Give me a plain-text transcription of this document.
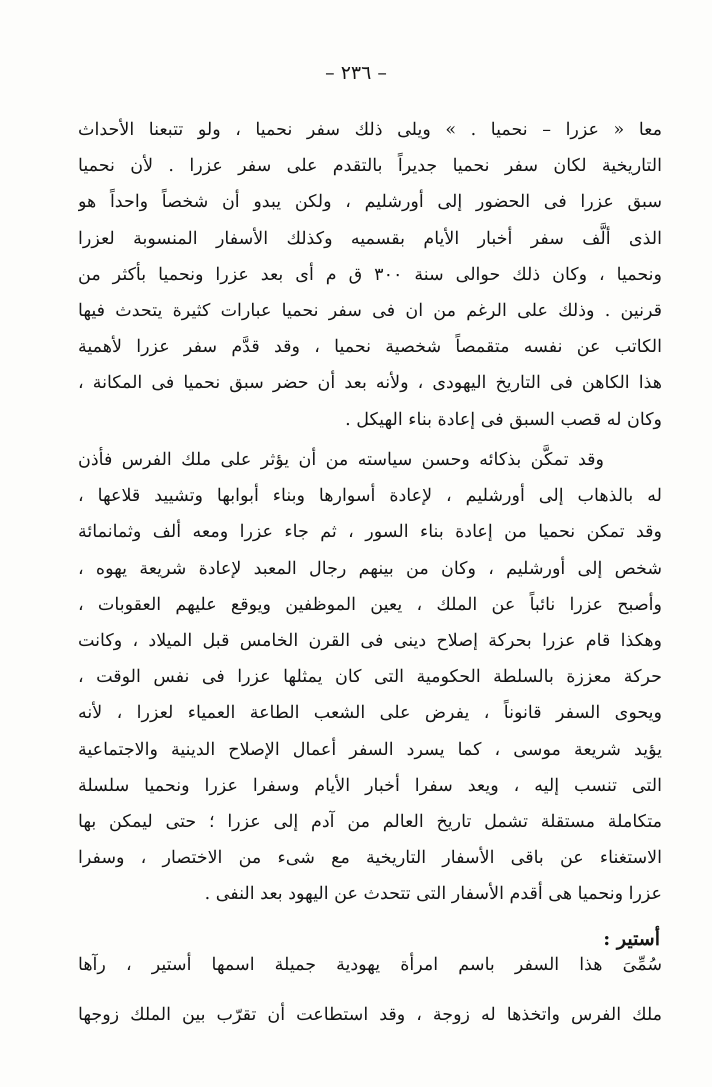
– ٢٣٦ –
معا « عزرا – نحميا . » ويلى ذلك سفر نحميا ، ولو تتبعنا الأحداث
التاريخية لكان سفر نحميا جديراً بالتقدم على سفر عزرا . لأن نحميا
سبق عزرا فى الحضور إلى أورشليم ، ولكن يبدو أن شخصاً واحداً هو
الذى ألَّف سفر أخبار الأيام بقسميه وكذلك الأسفار المنسوبة لعزرا
ونحميا ، وكان ذلك حوالى سنة ٣٠٠ ق م أى بعد عزرا ونحميا بأكثر من
قرنين . وذلك على الرغم من ان فى سفر نحميا عبارات كثيرة يتحدث فيها
الكاتب عن نفسه متقمصاً شخصية نحميا ، وقد قدَّم سفر عزرا لأهمية
هذا الكاهن فى التاريخ اليهودى ، ولأنه بعد أن حضر سبق نحميا فى المكانة ،
وكان له قصب السبق فى إعادة بناء الهيكل .
وقد تمكَّن بذكائه وحسن سياسته من أن يؤثر على ملك الفرس فأذن
له بالذهاب إلى أورشليم ، لإعادة أسوارها وبناء أبوابها وتشييد قلاعها ،
وقد تمكن نحميا من إعادة بناء السور ، ثم جاء عزرا ومعه ألف وثمانمائة
شخص إلى أورشليم ، وكان من بينهم رجال المعبد لإعادة شريعة يهوه ،
وأصبح عزرا نائباً عن الملك ، يعين الموظفين ويوقع عليهم العقوبات ،
وهكذا قام عزرا بحركة إصلاح دينى فى القرن الخامس قبل الميلاد ، وكانت
حركة معززة بالسلطة الحكومية التى كان يمثلها عزرا فى نفس الوقت ،
ويحوى السفر قانوناً ، يفرض على الشعب الطاعة العمياء لعزرا ، لأنه
يؤيد شريعة موسى ، كما يسرد السفر أعمال الإصلاح الدينية والاجتماعية
التى تنسب إليه ، ويعد سفرا أخبار الأيام وسفرا عزرا ونحميا سلسلة
متكاملة مستقلة تشمل تاريخ العالم من آدم إلى عزرا ؛ حتى ليمكن بها
الاستغناء عن باقى الأسفار التاريخية مع شىء من الاختصار ، وسفرا
عزرا ونحميا هى أقدم الأسفار التى تتحدث عن اليهود بعد النفى .
أستير :
سُمِّىَ هذا السفر باسم امرأة يهودية جميلة اسمها أستير ، رآها
ملك الفرس واتخذها له زوجة ، وقد استطاعت أن تقرّب بين الملك زوجها
